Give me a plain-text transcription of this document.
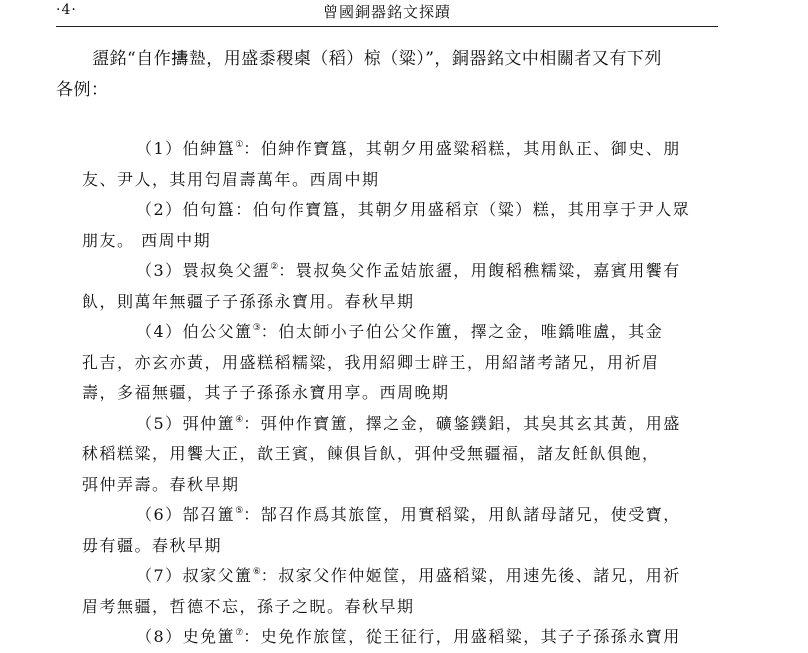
·4·	曾國銅器銘文探蹟
盨銘“自作𢷬𥂕，用盛黍稷㮚（稻）椋（粱）”，銅器銘文中相關者又有下列
各例：

（1）伯紳簋①：伯紳作寶簋，其朝夕用盛粱稻糕，其用飤正、御史、朋

友、尹人，其用匄眉壽萬年。西周中期

（2）伯句簋：伯句作寶簋，其朝夕用盛稻京（粱）糕，其用享于尹人眾

朋友。 西周中期

（3）睘叔奐父盨②：睘叔奐父作孟姞旅盨，用𩜲稻穛糯粱，嘉賓用饗有

飤，則萬年無疆子子孫孫永寶用。春秋早期

（4）伯公父簠③：伯太師小子伯公父作簠，擇之金，唯鐈唯盧，其金

孔吉，亦玄亦黃，用盛糕稻糯粱，我用紹卿士辟王，用紹諸考諸兄，用祈眉

壽，多福無疆，其子子孫孫永寶用享。西周晚期

（5）弭仲簠④：弭仲作寶簠，擇之金，礦鋚鏷鋁，其㚖其玄其黃，用盛

秫稻糕粱，用饗大正，歆王賓，𩜍俱旨飤，弭仲受無疆福，諸友飪飤俱飽，

弭仲弄壽。春秋早期

（6）郜召簠⑤：郜召作爲其旅筐，用實稻粱，用飤諸母諸兄，使受寶，

毋有疆。春秋早期

（7）叔家父簠⑥：叔家父作仲姬筐，用盛稻粱，用速先後、諸兄，用祈

眉考無疆，哲德不忘，孫子之眖。春秋早期

（8）史免簠⑦：史免作旅筐，從王征行，用盛稻粱，其子子孫孫永寶用
